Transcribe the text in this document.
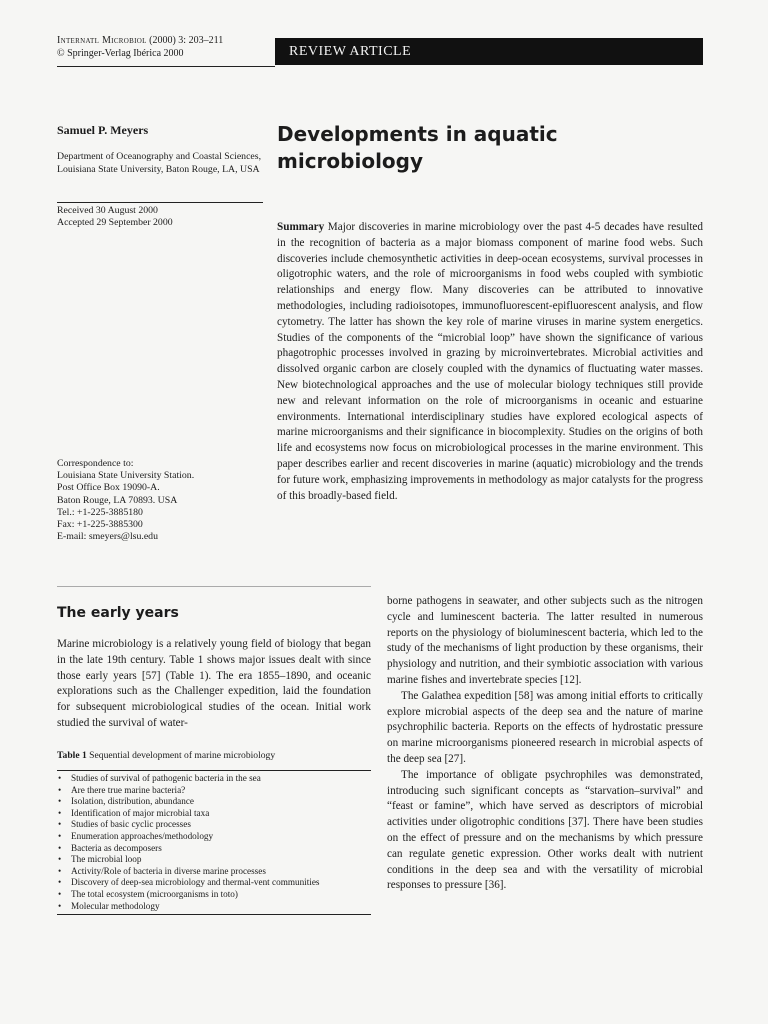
Internatl Microbiol (2000) 3: 203–211
© Springer-Verlag Ibérica 2000	REVIEW ARTICLE
Samuel P. Meyers
Department of Oceanography and Coastal Sciences, Louisiana State University, Baton Rouge, LA, USA
Received 30 August 2000
Accepted 29 September 2000
Correspondence to:
Louisiana State University Station.
Post Office Box 19090-A.
Baton Rouge, LA 70893. USA
Tel.: +1-225-3885180
Fax: +1-225-3885300
E-mail: smeyers@lsu.edu
Developments in aquatic microbiology
Summary Major discoveries in marine microbiology over the past 4-5 decades have resulted in the recognition of bacteria as a major biomass component of marine food webs. Such discoveries include chemosynthetic activities in deep-ocean ecosystems, survival processes in oligotrophic waters, and the role of microorganisms in food webs coupled with symbiotic relationships and energy flow. Many discoveries can be attributed to innovative methodologies, including radioisotopes, immunofluorescent-epifluorescent analysis, and flow cytometry. The latter has shown the key role of marine viruses in marine system energetics. Studies of the components of the “microbial loop” have shown the significance of various phagotrophic processes involved in grazing by microinvertebrates. Microbial activities and dissolved organic carbon are closely coupled with the dynamics of fluctuating water masses. New biotechnological approaches and the use of molecular biology techniques still provide new and relevant information on the role of microorganisms in oceanic and estuarine environments. International interdisciplinary studies have explored ecological aspects of marine microorganisms and their significance in biocomplexity. Studies on the origins of both life and ecosystems now focus on microbiological processes in the marine environment. This paper describes earlier and recent discoveries in marine (aquatic) microbiology and the trends for future work, emphasizing improvements in methodology as major catalysts for the progress of this broadly-based field.
The early years
Marine microbiology is a relatively young field of biology that began in the late 19th century. Table 1 shows major issues dealt with since those early years [57] (Table 1). The era 1855–1890, and oceanic explorations such as the Challenger expedition, laid the foundation for subsequent microbiological studies of the ocean. Initial work studied the survival of water-
Table 1 Sequential development of marine microbiology
• Studies of survival of pathogenic bacteria in the sea
• Are there true marine bacteria?
• Isolation, distribution, abundance
• Identification of major microbial taxa
• Studies of basic cyclic processes
• Enumeration approaches/methodology
• Bacteria as decomposers
• The microbial loop
• Activity/Role of bacteria in diverse marine processes
• Discovery of deep-sea microbiology and thermal-vent communities
• The total ecosystem (microorganisms in toto)
• Molecular methodology

borne pathogens in seawater, and other subjects such as the nitrogen cycle and luminescent bacteria. The latter resulted in numerous reports on the physiology of bioluminescent bacteria, which led to the study of the mechanisms of light production by these organisms, their physiology and nutrition, and their symbiotic association with various marine fishes and invertebrate species [12].

The Galathea expedition [58] was among initial efforts to critically explore microbial aspects of the deep sea and the nature of marine psychrophilic bacteria. Reports on the effects of hydrostatic pressure on marine microorganisms pioneered research in microbial aspects of the deep sea [27].

The importance of obligate psychrophiles was demonstrated, introducing such significant concepts as “starvation–survival” and “feast or famine”, which have served as descriptors of microbial activities under oligotrophic conditions [37]. There have been studies on the effect of pressure and on the mechanisms by which pressure can regulate genetic expression. Other works dealt with nutrient conditions in the deep sea and with the versatility of microbial responses to pressure [36].
